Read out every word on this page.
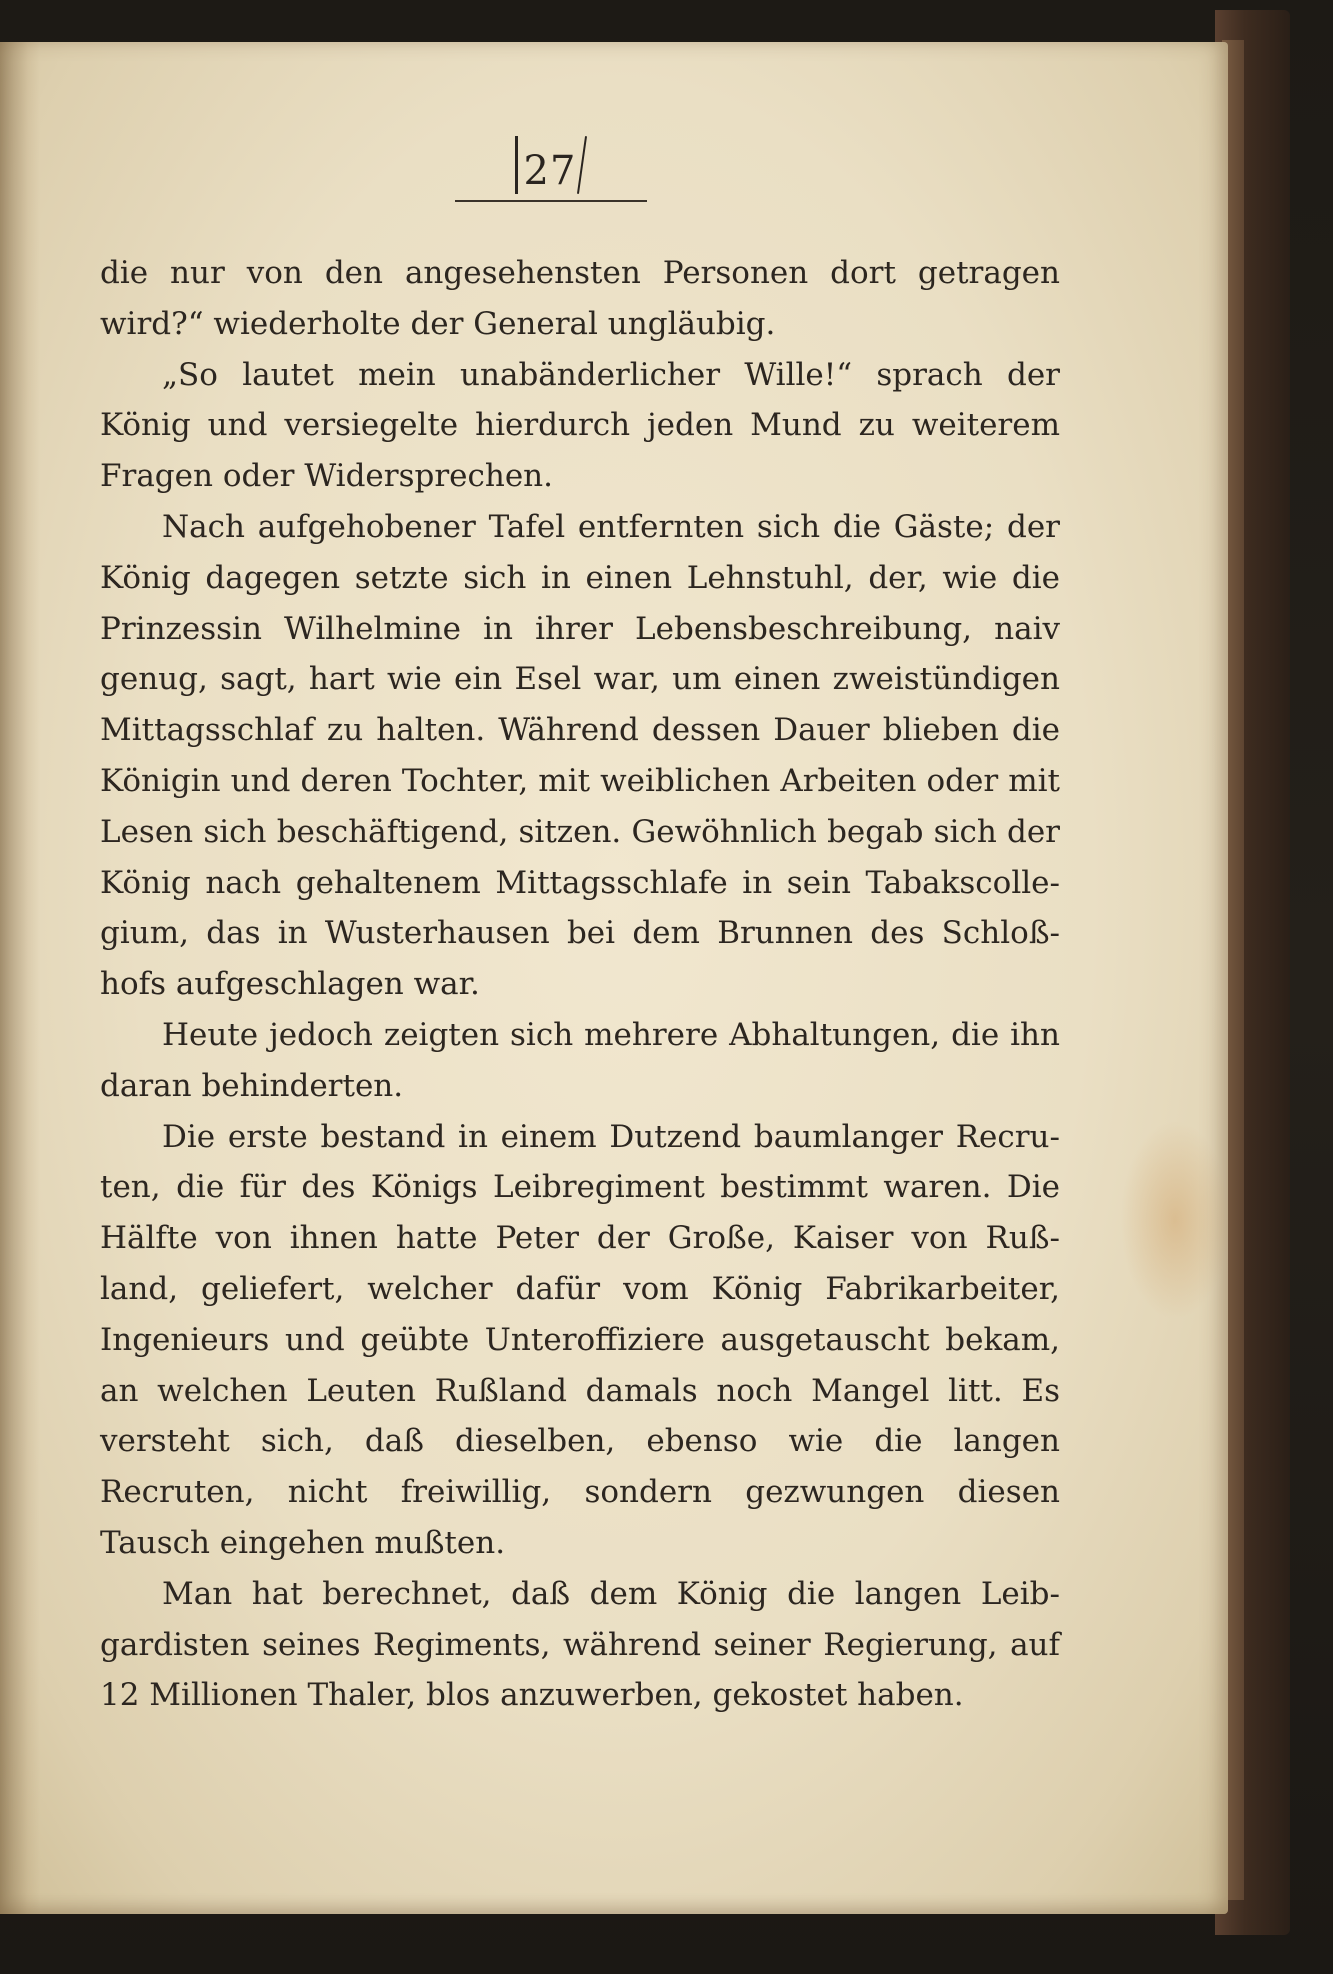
27

die nur von den angesehensten Personen dort getragen wird?“ wiederholte der General ungläubig.

„So lautet mein unabänderlicher Wille!“ sprach der König und versiegelte hierdurch jeden Mund zu weiterem Fragen oder Widersprechen.

Nach aufgehobener Tafel entfernten sich die Gäste; der König dagegen setzte sich in einen Lehnstuhl, der, wie die Prinzessin Wilhelmine in ihrer Lebensbeschreibung, naiv genug, sagt, hart wie ein Esel war, um einen zweistündigen Mittagsschlaf zu halten. Während dessen Dauer blieben die Königin und deren Tochter, mit weiblichen Arbeiten oder mit Lesen sich beschäftigend, sitzen. Gewöhnlich begab sich der König nach gehaltenem Mittagsschlafe in sein Tabakscolle-gium, das in Wusterhausen bei dem Brunnen des Schloß-hofs aufgeschlagen war.

Heute jedoch zeigten sich mehrere Abhaltungen, die ihn daran behinderten.

Die erste bestand in einem Dutzend baumlanger Recru-ten, die für des Königs Leibregiment bestimmt waren. Die Hälfte von ihnen hatte Peter der Große, Kaiser von Ruß-land, geliefert, welcher dafür vom König Fabrikarbeiter, Ingenieurs und geübte Unteroffiziere ausgetauscht bekam, an welchen Leuten Rußland damals noch Mangel litt. Es versteht sich, daß dieselben, ebenso wie die langen Recruten, nicht freiwillig, sondern gezwungen diesen Tausch eingehen mußten.

Man hat berechnet, daß dem König die langen Leib-gardisten seines Regiments, während seiner Regierung, auf 12 Millionen Thaler, blos anzuwerben, gekostet haben.
